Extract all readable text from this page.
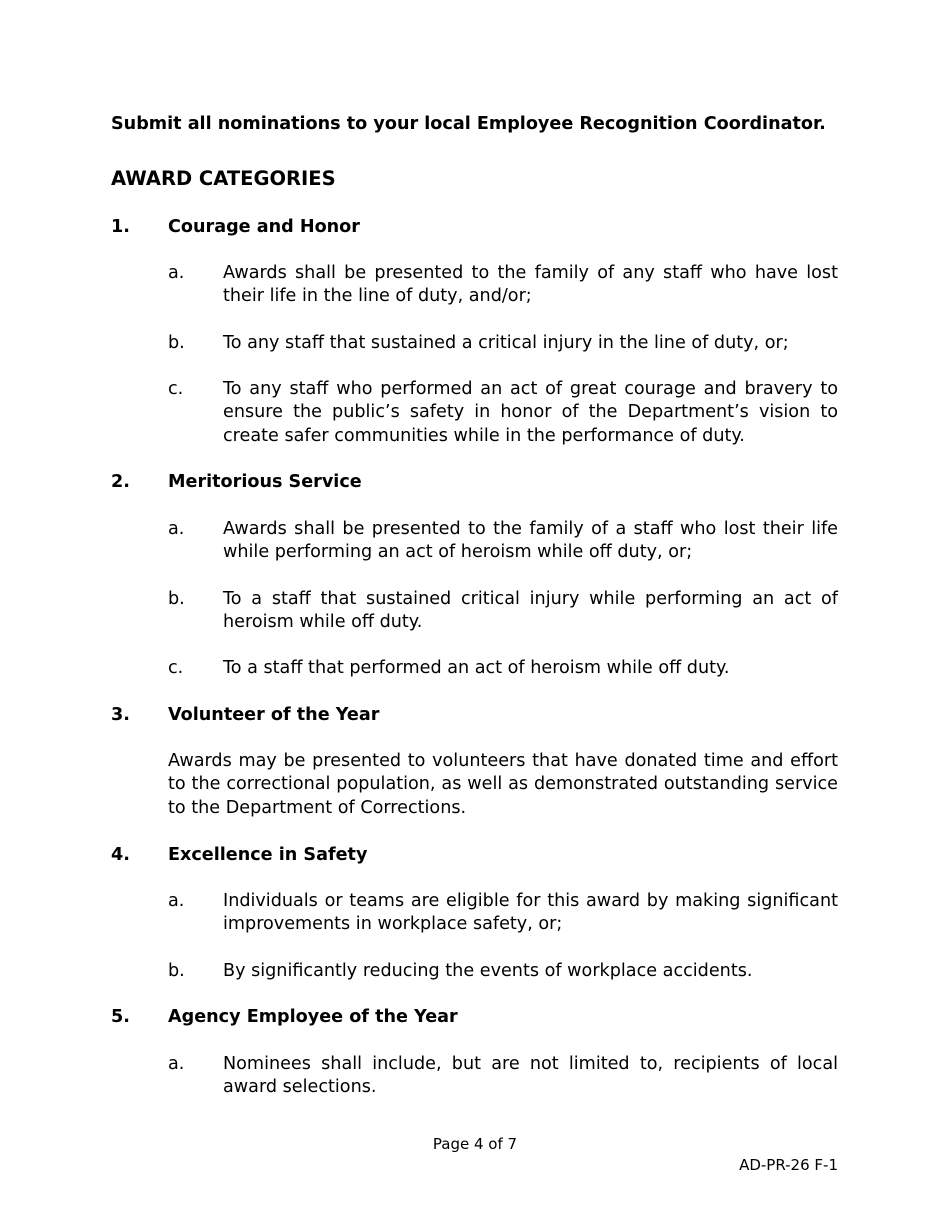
Submit all nominations to your local Employee Recognition Coordinator.
AWARD CATEGORIES
1. Courage and Honor
a. Awards shall be presented to the family of any staff who have lost their life in the line of duty, and/or;
b. To any staff that sustained a critical injury in the line of duty, or;
c. To any staff who performed an act of great courage and bravery to ensure the public’s safety in honor of the Department’s vision to create safer communities while in the performance of duty.
2. Meritorious Service
a. Awards shall be presented to the family of a staff who lost their life while performing an act of heroism while off duty, or;
b. To a staff that sustained critical injury while performing an act of heroism while off duty.
c. To a staff that performed an act of heroism while off duty.
3. Volunteer of the Year
Awards may be presented to volunteers that have donated time and effort to the correctional population, as well as demonstrated outstanding service to the Department of Corrections.
4. Excellence in Safety
a. Individuals or teams are eligible for this award by making significant improvements in workplace safety, or;
b. By significantly reducing the events of workplace accidents.
5. Agency Employee of the Year
a. Nominees shall include, but are not limited to, recipients of local award selections.
Page 4 of 7
AD-PR-26 F-1
